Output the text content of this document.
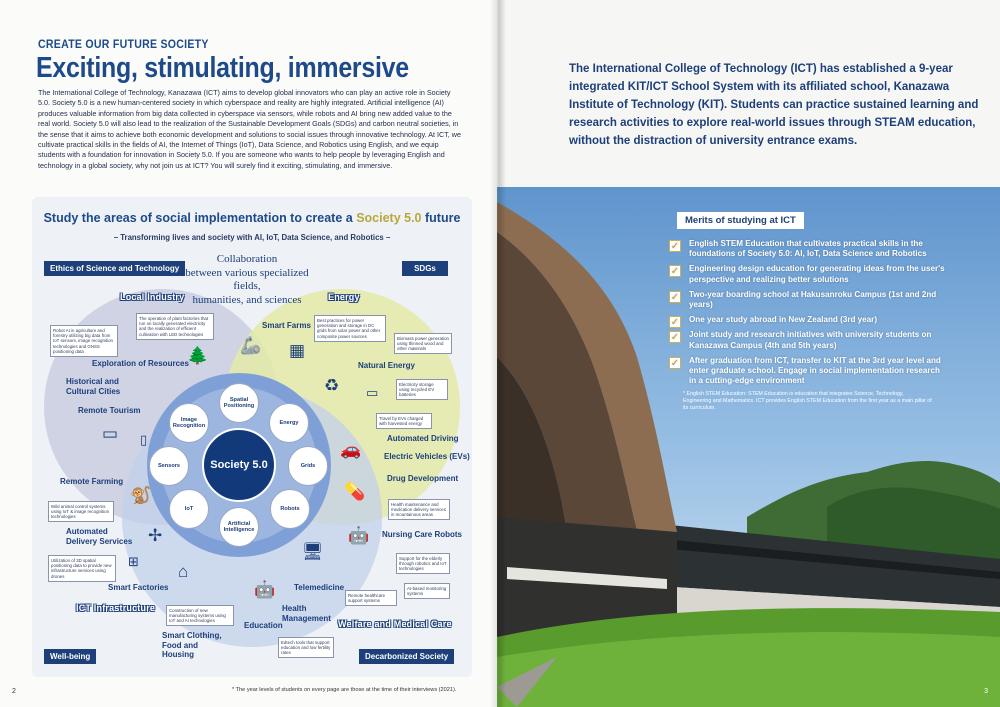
CREATE OUR FUTURE SOCIETY
Exciting, stimulating, immersive
The International College of Technology, Kanazawa (ICT) aims to develop global innovators who can play an active role in Society 5.0. Society 5.0 is a new human-centered society in which cyberspace and reality are highly integrated. Artificial intelligence (AI) produces valuable information from big data collected in cyberspace via sensors, while robots and AI bring new added value to the real world. Society 5.0 will also lead to the realization of the Sustainable Development Goals (SDGs) and carbon neutral societies, in the sense that it aims to achieve both economic development and solutions to social issues through innovative technology. At ICT, we cultivate practical skills in the fields of AI, the Internet of Things (IoT), Data Science, and Robotics using English, and we equip students with a foundation for innovation in Society 5.0. If you are someone who wants to help people by leveraging English and technology in a global society, why not join us at ICT? You will surely find it exciting, stimulating, and immersive.
Study the areas of social implementation to create a Society 5.0 future
– Transforming lives and society with AI, IoT, Data Science, and Robotics –
Ethics of Science and Technology	SDGs
Well-being	Decarbonized Society
Collaboration
between various specialized fields,
humanities, and sciences
Local Industry	Energy
ICT Infrastructure
Welfare and Medical Care
Society 5.0
Spatial Positioning
Energy
Grids
Robots
Artificial Intelligence
IoT
Sensors
Image Recognition
Smart Farms
Exploration of Resources
Historical and Cultural Cities
Remote Tourism
Natural Energy
Automated Driving
Electric Vehicles (EVs)
Drug Development
Remote Farming
Automated Delivery Services
Nursing Care Robots
Telemedicine
Smart Factories
Health Management
Education
Smart Clothing, Food and Housing
Robot AI in agriculture and forestry utilizing big data from IoT sensors, image recognition technologies and GNSS positioning data
The operation of plant factories that run on locally generated electricity and the realization of efficient cultivation with LED technologies
Best practices for power generation and storage in DC grids from solar power and other composite power sources	Biomass power generation using thinned wood and other materials
Electricity storage using recycled EV batteries
Travel by EVs charged with harvested energy
Health maintenance and medication delivery services in mountainous areas
Wild animal control systems using IoT & image recognition technologies
Utilization of 3D spatial positioning data to provide new infrastructure services using drones
Support for the elderly through robotics and IoT technologies
AI-based monitoring systems
Remote healthcare support systems
Construction of new manufacturing systems using IoT and AI technologies
Edtech tools that support education and low fertility rates
🦾 ▦
🌲
▭ ▯
♻ ▭
🚗
💊
🐒
✢
⊞
🤖
🖥
⌂
🤖
2	* The year levels of students on every page are those at the time of their interviews (2021).
The International College of Technology (ICT) has established a 9-year integrated KIT/ICT School System with its affiliated school, Kanazawa Institute of Technology (KIT). Students can practice sustained learning and research activities to explore real-world issues through STEAM education, without the distraction of university entrance exams.
Merits of studying at ICT
✓ English STEM Education that cultivates practical skills in the foundations of Society 5.0: AI, IoT, Data Science and Robotics
✓ Engineering design education for generating ideas from the user's perspective and realizing better solutions
✓ Two-year boarding school at Hakusanroku Campus (1st and 2nd years)
✓ One year study abroad in New Zealand (3rd year)
✓ Joint study and research initiatives with university students on Kanazawa Campus (4th and 5th years)
✓ After graduation from ICT, transfer to KIT at the 3rd year level and enter graduate school. Engage in social implementation research in a cutting-edge environment
* English STEM Education: STEM Education is education that integrates Science, Technology, Engineering and Mathematics. ICT provides English STEM Education from the first year as a main pillar of its curriculum.
3
